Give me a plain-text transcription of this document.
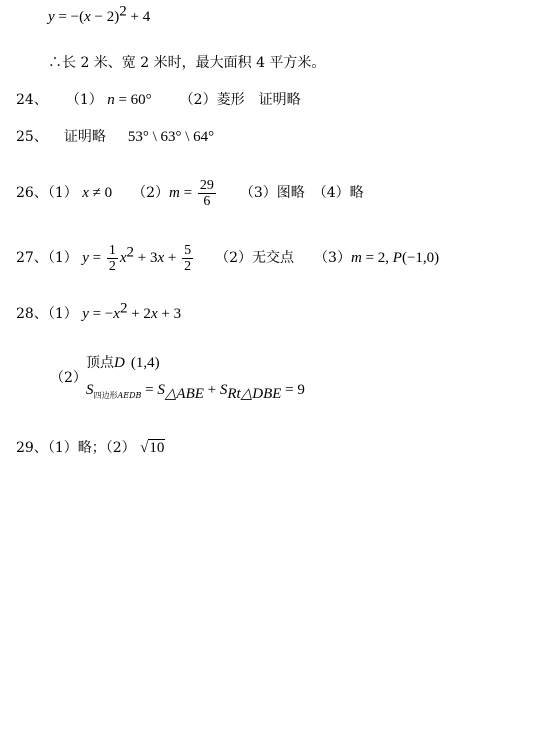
$y = -(x - 2)^2 + 4$
∴长 2 米、宽 2 米时，最大面积 4 平方米。
24、 （1） n = 60° （2）菱形 证明略
25、 证明略 53° \ 63° \ 64°
26、（1） x ≠ 0 $(2)m = \frac{29}{6} (3)$图略 （4）略
27、（1） $y = \frac{1}{2} x^2 + 3x + \frac{5}{2} (2)$无交点 （3）m = 2, P(−1,0)
28、（1） $y = -x^2 + 2x + 3$
（2）
顶点D (1,4)
$S_{四边形AEDB} = S_{\triangle ABE} + S_{Rt\triangle DBE} = 9$
29、（1）略；（2） √10
